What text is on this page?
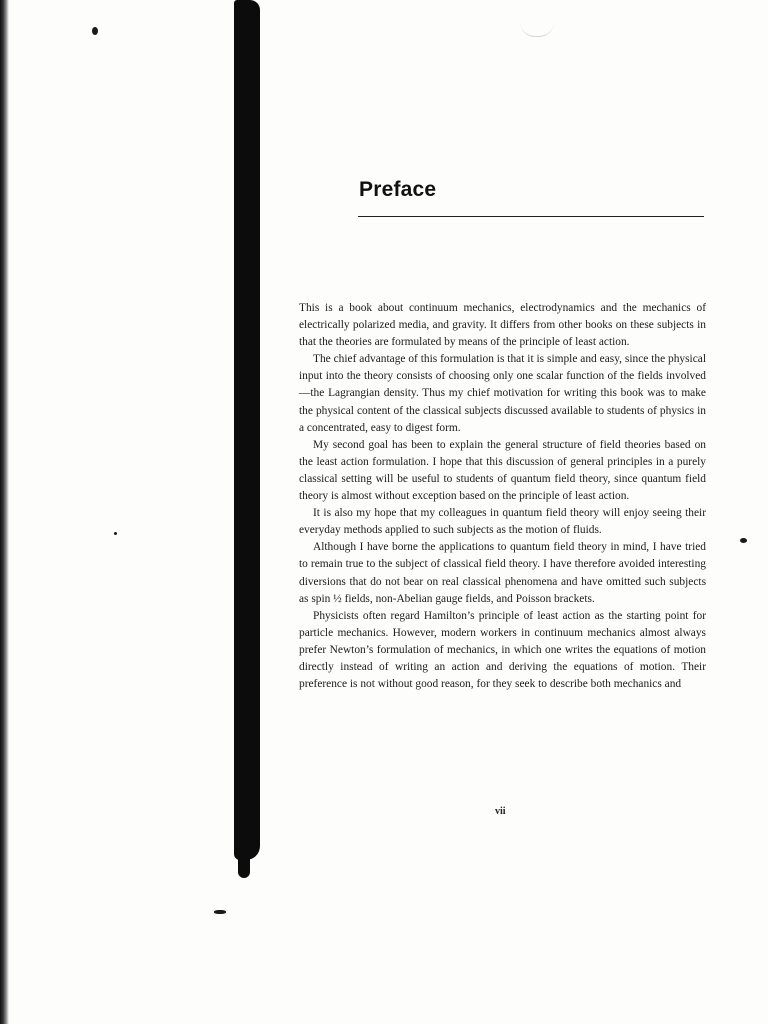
Preface

This is a book about continuum mechanics, electrodynamics and the mechanics of electrically polarized media, and gravity. It differs from other books on these subjects in that the theories are formulated by means of the principle of least action.

The chief advantage of this formulation is that it is simple and easy, since the physical input into the theory consists of choosing only one scalar function of the fields involved—the Lagrangian density. Thus my chief motivation for writing this book was to make the physical content of the classical subjects discussed available to students of physics in a concentrated, easy to digest form.

My second goal has been to explain the general structure of field theories based on the least action formulation. I hope that this discussion of general principles in a purely classical setting will be useful to students of quantum field theory, since quantum field theory is almost without exception based on the principle of least action.

It is also my hope that my colleagues in quantum field theory will enjoy seeing their everyday methods applied to such subjects as the motion of fluids.

Although I have borne the applications to quantum field theory in mind, I have tried to remain true to the subject of classical field theory. I have therefore avoided interesting diversions that do not bear on real classical phenomena and have omitted such subjects as spin ½ fields, non-Abelian gauge fields, and Poisson brackets.

Physicists often regard Hamilton’s principle of least action as the starting point for particle mechanics. However, modern workers in continuum mechanics almost always prefer Newton’s formulation of mechanics, in which one writes the equations of motion directly instead of writing an action and deriving the equations of motion. Their preference is not without good reason, for they seek to describe both mechanics and

vii
